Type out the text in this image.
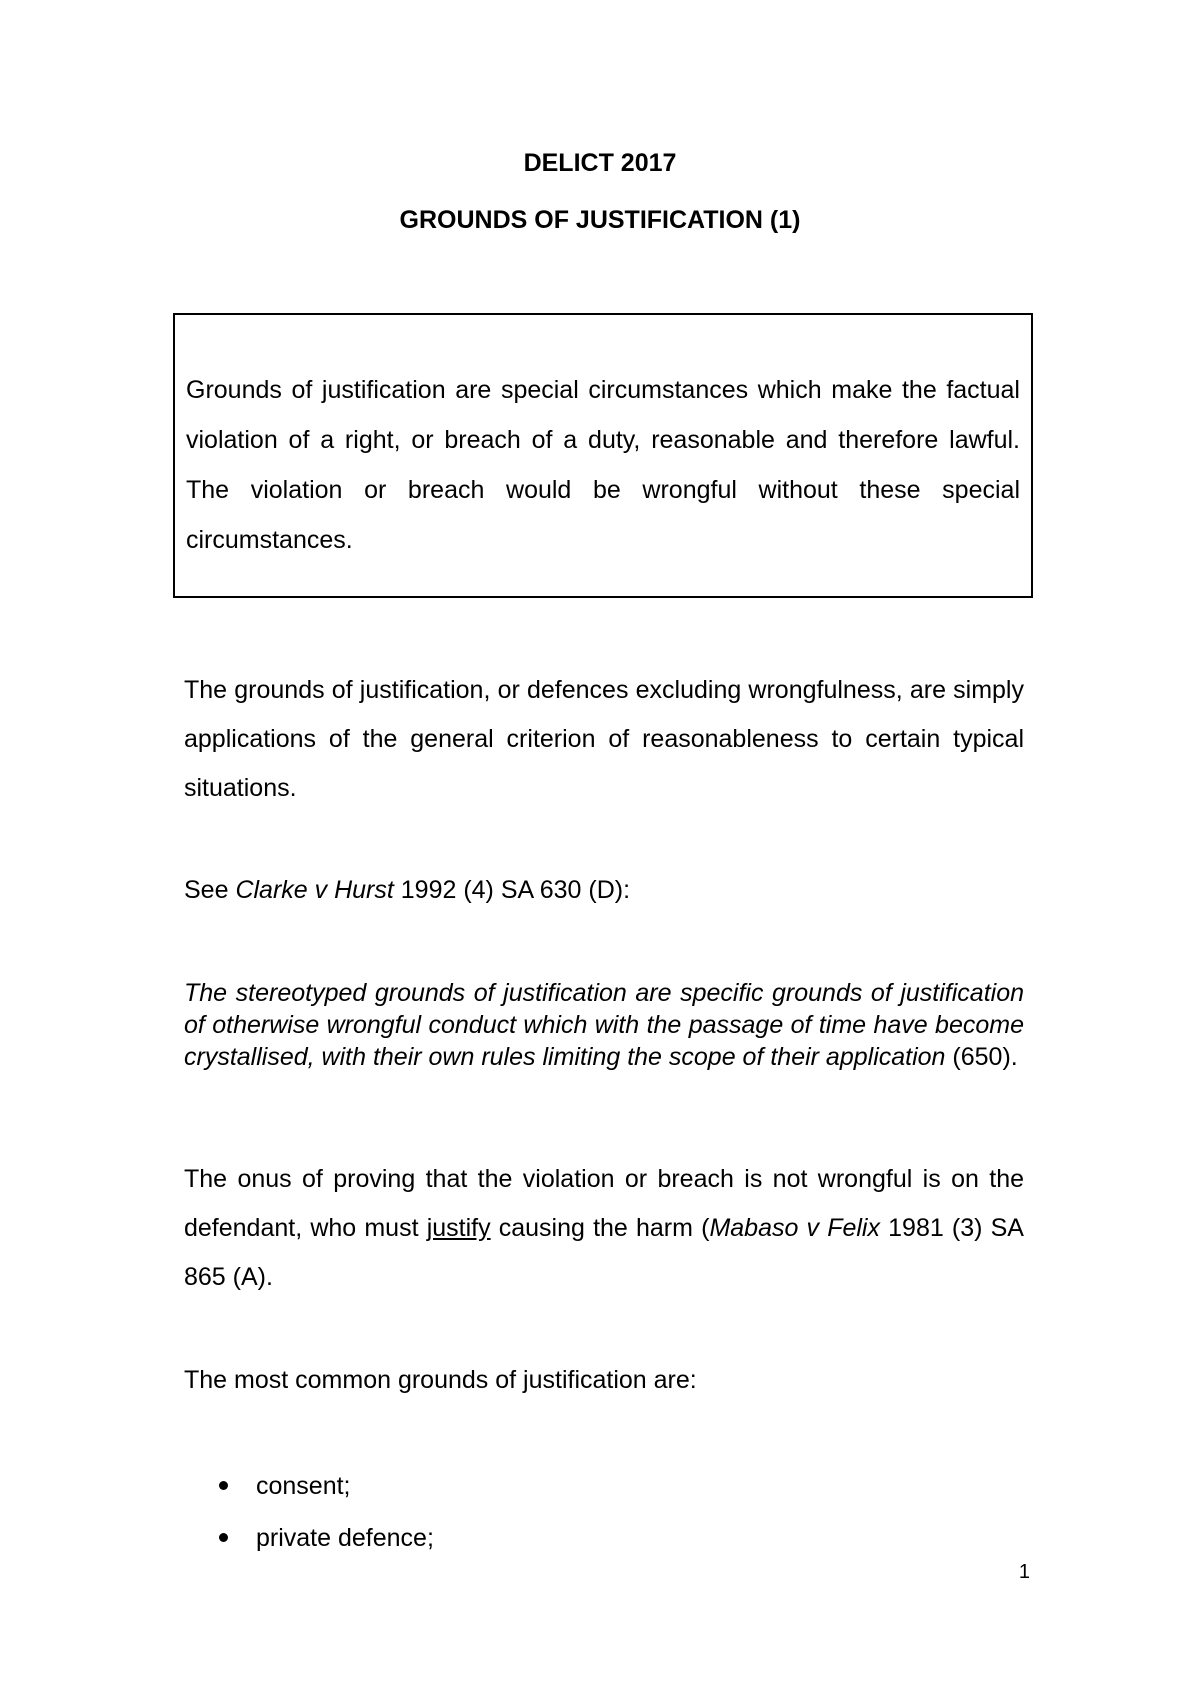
DELICT 2017
GROUNDS OF JUSTIFICATION (1)
Grounds of justification are special circumstances which make the factual violation of a right, or breach of a duty, reasonable and therefore lawful. The violation or breach would be wrongful without these special circumstances.
The grounds of justification, or defences excluding wrongfulness, are simply applications of the general criterion of reasonableness to certain typical situations.
See Clarke v Hurst 1992 (4) SA 630 (D):
The stereotyped grounds of justification are specific grounds of justification of otherwise wrongful conduct which with the passage of time have become crystallised, with their own rules limiting the scope of their application (650).
The onus of proving that the violation or breach is not wrongful is on the defendant, who must justify causing the harm (Mabaso v Felix 1981 (3) SA 865 (A).
The most common grounds of justification are:
consent;
private defence;
1
